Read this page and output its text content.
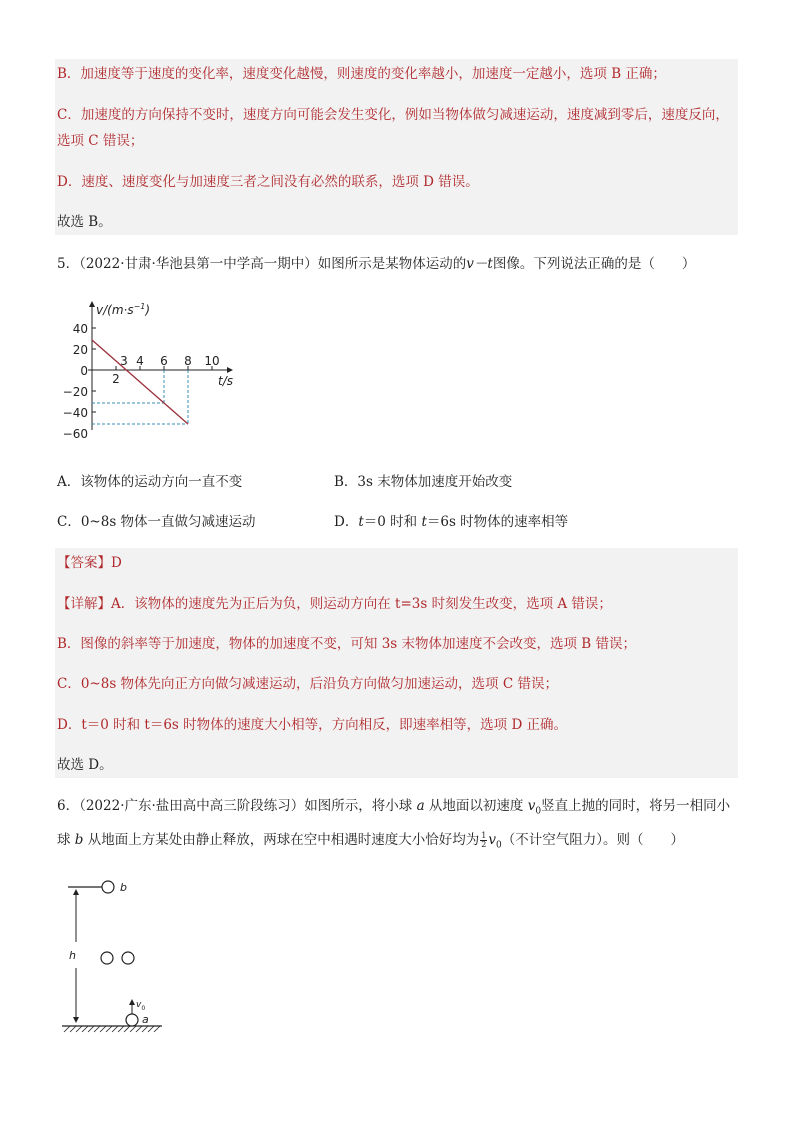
B．加速度等于速度的变化率，速度变化越慢，则速度的变化率越小，加速度一定越小，选项 B 正确；
C．加速度的方向保持不变时，速度方向可能会发生变化，例如当物体做匀减速运动，速度减到零后，速度反向，
选项 C 错误；
D．速度、速度变化与加速度三者之间没有必然的联系，选项 D 错误。
故选 B。
5．（2022·甘肃·华池县第一中学高一期中）如图所示是某物体运动的v－t图像。下列说法正确的是（　　）
$v/(m\cdot s^{-1})$
t/s
40
20
0
−20
−40
−60
3 4 6 8 10
2
A．该物体的运动方向一直不变	B．3s 末物体加速度开始改变
C．0~8s 物体一直做匀减速运动	D．t＝0 时和 t＝6s 时物体的速率相等
【答案】D
【详解】A．该物体的速度先为正后为负，则运动方向在 t=3s 时刻发生改变，选项 A 错误；
B．图像的斜率等于加速度，物体的加速度不变，可知 3s 末物体加速度不会改变，选项 B 错误；
C．0~8s 物体先向正方向做匀减速运动，后沿负方向做匀加速运动，选项 C 错误；
D．t＝0 时和 t＝6s 时物体的速度大小相等，方向相反，即速率相等，选项 D 正确。
故选 D。
6．（2022·广东·盐田高中高三阶段练习）如图所示，将小球 a 从地面以初速度 $v_0$竖直上抛的同时，将另一相同小
球 b 从地面上方某处由静止释放，两球在空中相遇时速度大小恰好均为 $\frac{1}{2} v_0$（不计空气阻力）。则（　　）
b
h
$v_0$
a
